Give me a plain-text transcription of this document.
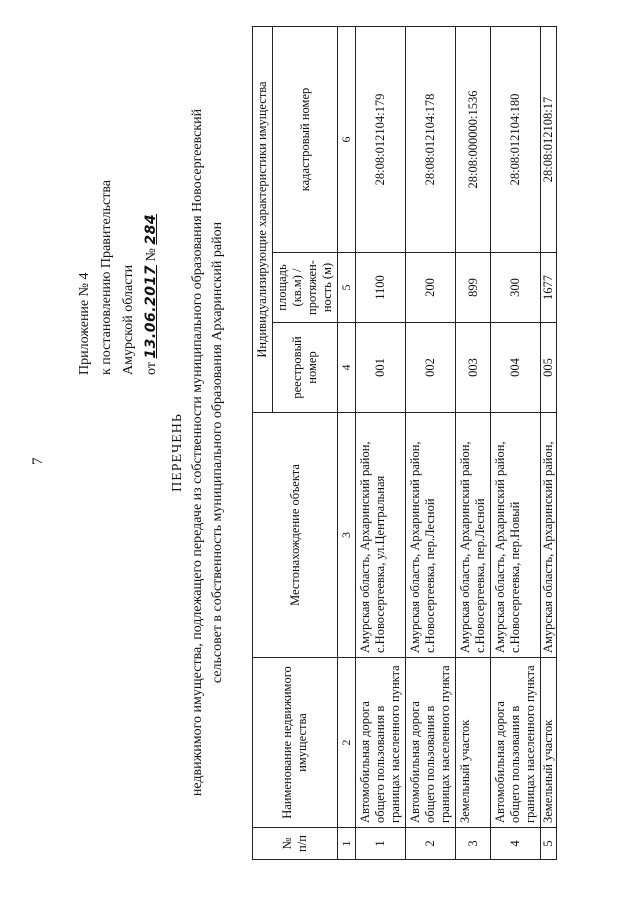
7
Приложение № 4 к постановлению Правительства Амурской области от 13.06.2017 № 284
ПЕРЕЧЕНЬ недвижимого имущества, подлежащего передаче из собственности муниципального образования Новосергеевский сельсовет в собственность муниципального образования Архаринский район
№ п/п	Наименование недвижимого имущества	Местонахождение объекта	Индивидуализирующие характеристики имущества		
			реестровый номер	площадь (кв.м) / протяжен-ность (м)	кадастровый номер
1	2	3	4	5	6
1	Автомобильная дорога общего пользования в границах населенного пункта	Амурская область, Архаринский район, с.Новосергеевка, ул.Центральная	001	1100	28:08:012104:179
2	Автомобильная дорога общего пользования в границах населенного пункта	Амурская область, Архаринский район, с.Новосергеевка, пер.Лесной	002	200	28:08:012104:178
3	Земельный участок	Амурская область, Архаринский район, с.Новосергеевка, пер.Лесной	003	899	28:08:000000:1536
4	Автомобильная дорога общего пользования в границах населенного пункта	Амурская область, Архаринский район, с.Новосергеевка, пер.Новый	004	300	28:08:012104:180
5	Земельный участок	Амурская область, Архаринский район,	005	1677	28:08:012108:17
